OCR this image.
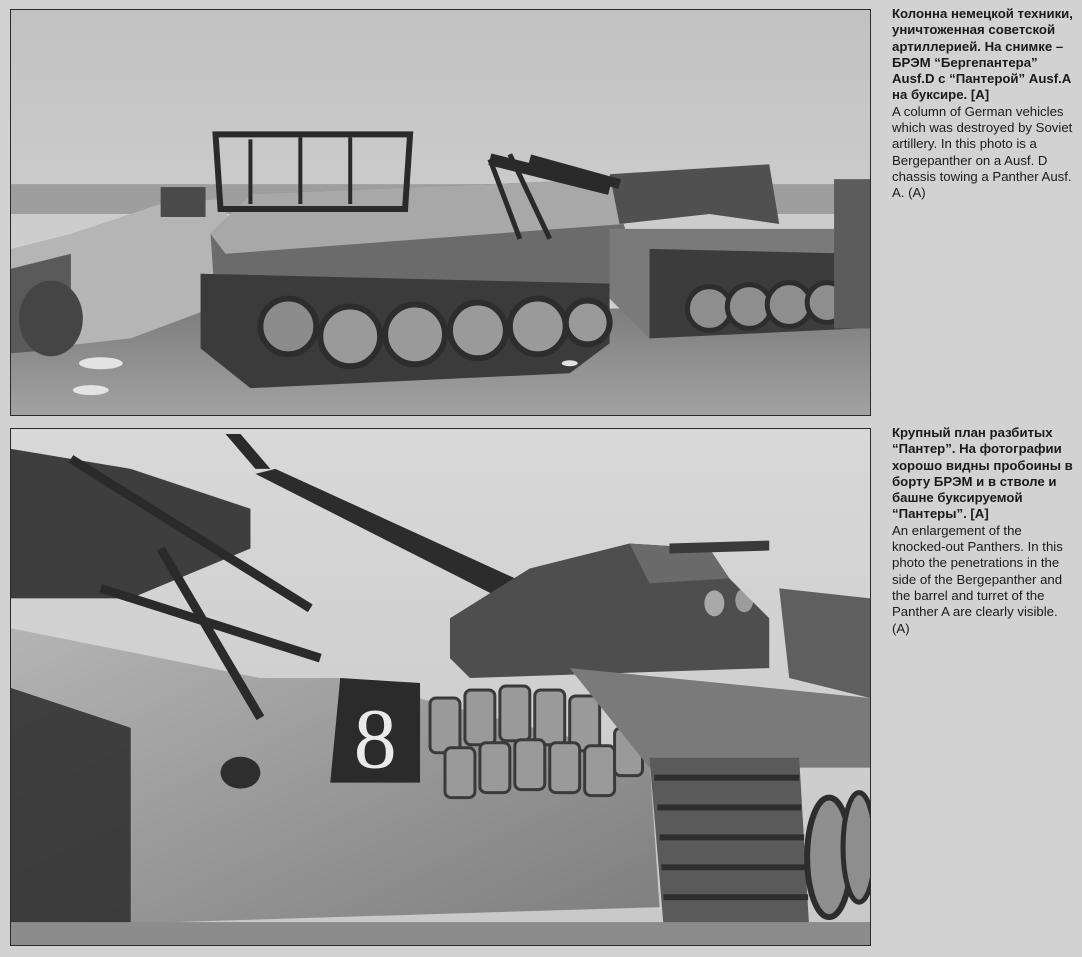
Колонна немецкой техники, уничтоженная советской артиллерией. На снимке – БРЭМ “Бергепантера” Ausf.D с “Пантерой” Ausf.A на буксире. [A]
A column of German vehicles which was destroyed by Soviet artillery. In this photo is a Bergepanther on a Ausf. D chassis towing a Panther Ausf. A. (A)
8
Крупный план разбитых “Пантер”. На фотографии хорошо видны пробоины в борту БРЭМ и в стволе и башне буксируемой “Пантеры”. [A]
An enlargement of the knocked-out Panthers. In this photo the penetrations in the side of the Bergepanther and the barrel and turret of the Panther A are clearly visible. (A)
